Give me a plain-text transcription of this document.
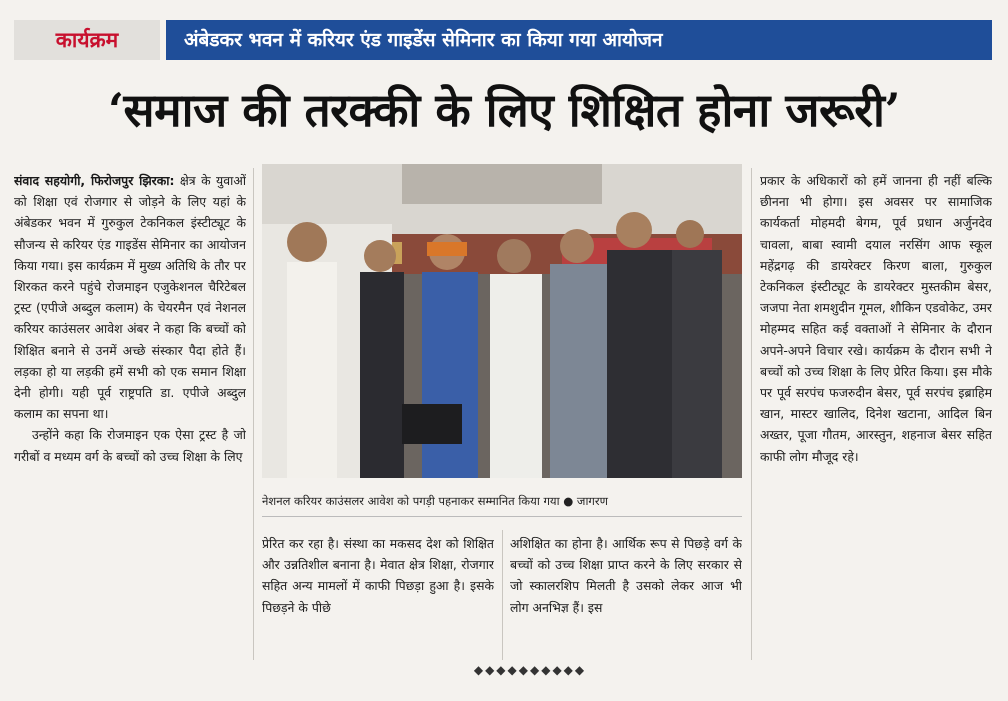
कार्यक्रम	अंबेडकर भवन में करियर एंड गाइडेंस सेमिनार का किया गया आयोजन
‘समाज की तरक्की के लिए शिक्षित होना जरूरी’

संवाद सहयोगी, फिरोजपुर झिरका: क्षेत्र के युवाओं को शिक्षा एवं रोजगार से जोड़ने के लिए यहां के अंबेडकर भवन में गुरुकुल टेकनिकल इंस्टीट्यूट के सौजन्य से करियर एंड गाइडेंस सेमिनार का आयोजन किया गया। इस कार्यक्रम में मुख्य अतिथि के तौर पर शिरकत करने पहुंचे रोजमाइन एजुकेशनल चैरिटेबल ट्रस्ट (एपीजे अब्दुल कलाम) के चेयरमैन एवं नेशनल करियर काउंसलर आवेश अंबर ने कहा कि बच्चों को शिक्षित बनाने से उनमें अच्छे संस्कार पैदा होते हैं। लड़का हो या लड़की हमें सभी को एक समान शिक्षा देनी होगी। यही पूर्व राष्ट्रपति डा. एपीजे अब्दुल कलाम का सपना था।

उन्होंने कहा कि रोजमाइन एक ऐसा ट्रस्ट है जो गरीबों व मध्यम वर्ग के बच्चों को उच्च शिक्षा के लिए

नेशनल करियर काउंसलर आवेश को पगड़ी पहनाकर सम्मानित किया गया ● जागरण
प्रेरित कर रहा है। संस्था का मकसद देश को शिक्षित और उन्नतिशील बनाना है। मेवात क्षेत्र शिक्षा, रोजगार सहित अन्य मामलों में काफी पिछड़ा हुआ है। इसके पिछड़ने के पीछे
अशिक्षित का होना है। आर्थिक रूप से पिछड़े वर्ग के बच्चों को उच्च शिक्षा प्राप्त करने के लिए सरकार से जो स्कालरशिप मिलती है उसको लेकर आज भी लोग अनभिज्ञ हैं। इस
प्रकार के अधिकारों को हमें जानना ही नहीं बल्कि छीनना भी होगा। इस अवसर पर सामाजिक कार्यकर्ता मोहमदी बेगम, पूर्व प्रधान अर्जुनदेव चावला, बाबा स्वामी दयाल नरसिंग आफ स्कूल महेंद्रगढ़ की डायरेक्टर किरण बाला, गुरुकुल टेकनिकल इंस्टीट्यूट के डायरेक्टर मुस्तकीम बेसर, जजपा नेता शमशुदीन गूमल, शौकिन एडवोकेट, उमर मोहम्मद सहित कई वक्ताओं ने सेमिनार के दौरान अपने-अपने विचार रखे। कार्यक्रम के दौरान सभी ने बच्चों को उच्च शिक्षा के लिए प्रेरित किया। इस मौके पर पूर्व सरपंच फजरुदीन बेसर, पूर्व सरपंच इब्राहिम खान, मास्टर खालिद, दिनेश खटाना, आदिल बिन अख्तर, पूजा गौतम, आरस्तुन, शहनाज बेसर सहित काफी लोग मौजूद रहे।
◆◆◆◆◆◆◆◆◆◆
